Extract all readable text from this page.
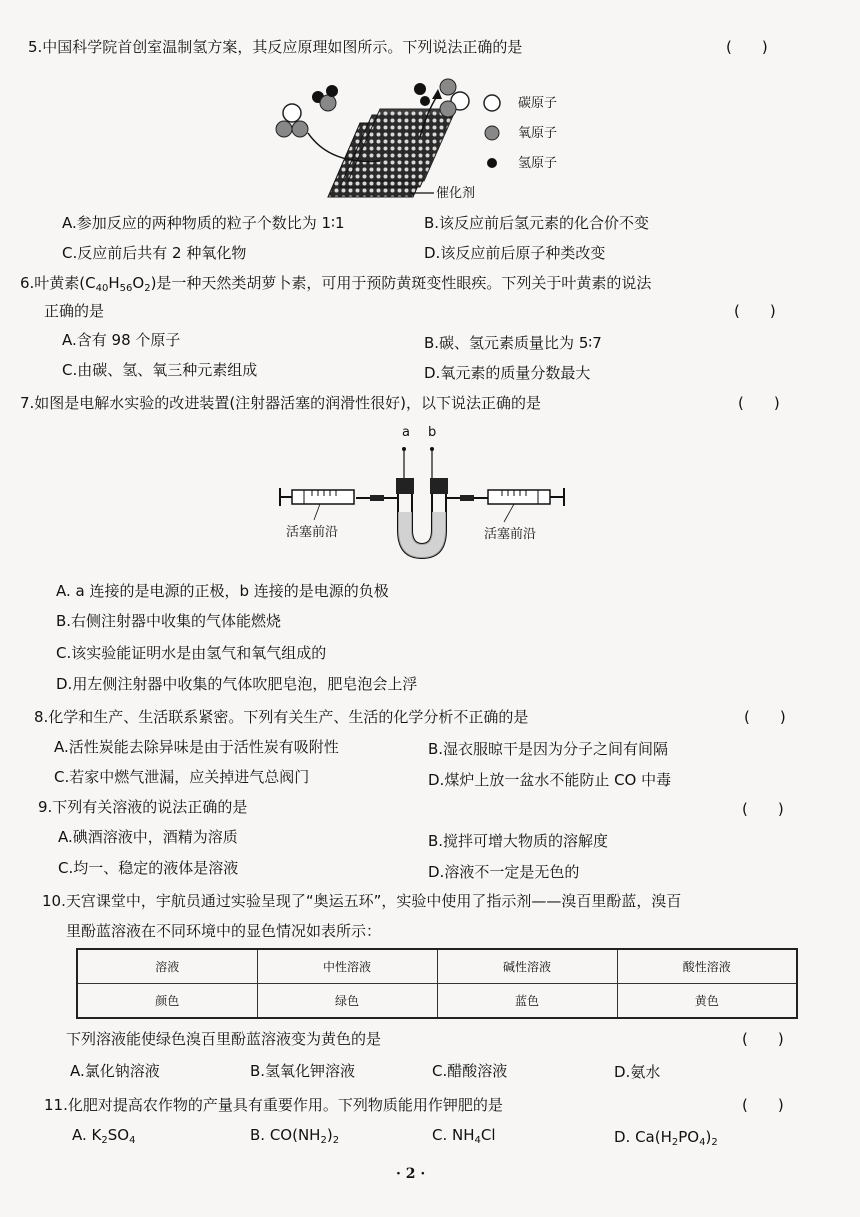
5.中国科学院首创室温制氢方案，其反应原理如图所示。下列说法正确的是	(　　)
碳原子
氧原子
氢原子
催化剂
A.参加反应的两种物质的粒子个数比为 1∶1	B.该反应前后氢元素的化合价不变
C.反应前后共有 2 种氧化物	D.该反应前后原子种类改变
6.叶黄素$(C_{40}H_{56}O_2)$是一种天然类胡萝卜素，可用于预防黄斑变性眼疾。下列关于叶黄素的说法
正确的是	(　　)
A.含有 98 个原子	B.碳、氢元素质量比为 5∶7
C.由碳、氢、氧三种元素组成	D.氧元素的质量分数最大
7.如图是电解水实验的改进装置(注射器活塞的润滑性很好)，以下说法正确的是	(　　)
a b
活塞前沿	活塞前沿
A. a 连接的是电源的正极，b 连接的是电源的负极
B.右侧注射器中收集的气体能燃烧
C.该实验能证明水是由氢气和氧气组成的
D.用左侧注射器中收集的气体吹肥皂泡，肥皂泡会上浮
8.化学和生产、生活联系紧密。下列有关生产、生活的化学分析不正确的是	(　　)
A.活性炭能去除异味是由于活性炭有吸附性	B.湿衣服晾干是因为分子之间有间隔
C.若家中燃气泄漏，应关掉进气总阀门	D.煤炉上放一盆水不能防止 CO 中毒
9.下列有关溶液的说法正确的是	(　　)
A.碘酒溶液中，酒精为溶质	B.搅拌可增大物质的溶解度
C.均一、稳定的液体是溶液	D.溶液不一定是无色的
10.天宫课堂中，宇航员通过实验呈现了“奥运五环”，实验中使用了指示剂——溴百里酚蓝，溴百
里酚蓝溶液在不同环境中的显色情况如表所示：
溶液	中性溶液	碱性溶液	酸性溶液
颜色	绿色	蓝色	黄色
下列溶液能使绿色溴百里酚蓝溶液变为黄色的是	(　　)
A.氯化钠溶液	B.氢氧化钾溶液	C.醋酸溶液	D.氨水
11.化肥对提高农作物的产量具有重要作用。下列物质能用作钾肥的是	(　　)
A. $K_2SO_4$	B. $CO(NH_2)_2$	C. $NH_4Cl$	D. $Ca(H_2PO_4)_2$
· 2 ·
